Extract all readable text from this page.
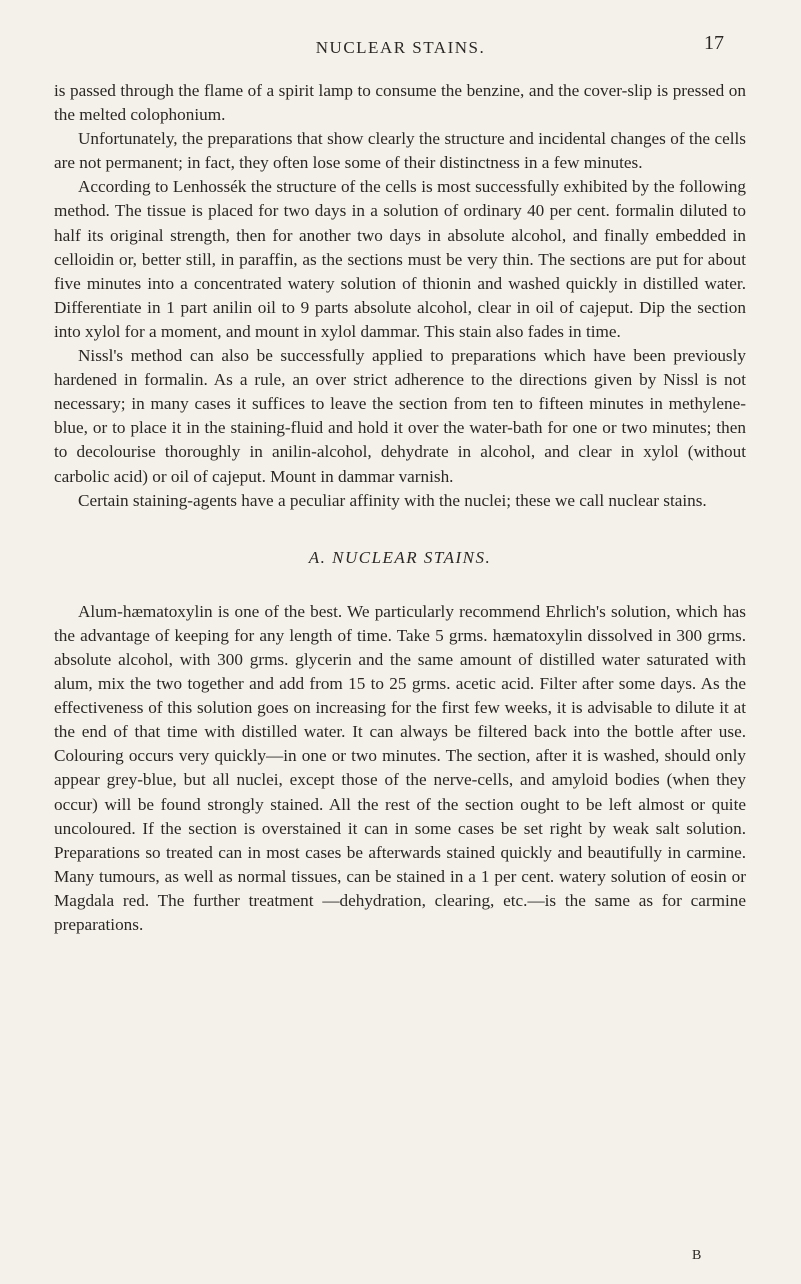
NUCLEAR STAINS.	17

is passed through the flame of a spirit lamp to consume the benzine, and the cover-slip is pressed on the melted colophonium.

Unfortunately, the preparations that show clearly the structure and incidental changes of the cells are not permanent; in fact, they often lose some of their distinctness in a few minutes.

According to Lenhossék the structure of the cells is most successfully exhibited by the following method. The tissue is placed for two days in a solution of ordinary 40 per cent. formalin diluted to half its original strength, then for another two days in absolute alcohol, and finally embedded in celloidin or, better still, in paraffin, as the sections must be very thin. The sections are put for about five minutes into a concentrated watery solution of thionin and washed quickly in distilled water. Differentiate in 1 part anilin oil to 9 parts absolute alcohol, clear in oil of cajeput. Dip the section into xylol for a moment, and mount in xylol dammar. This stain also fades in time.

Nissl's method can also be successfully applied to preparations which have been previously hardened in formalin. As a rule, an over strict adherence to the directions given by Nissl is not necessary; in many cases it suffices to leave the section from ten to fifteen minutes in methylene-blue, or to place it in the staining-fluid and hold it over the water-bath for one or two minutes; then to decolourise thoroughly in anilin-alcohol, dehydrate in alcohol, and clear in xylol (without carbolic acid) or oil of cajeput. Mount in dammar varnish.

Certain staining-agents have a peculiar affinity with the nuclei; these we call nuclear stains.

A. NUCLEAR STAINS.

Alum-hæmatoxylin is one of the best. We particularly recommend Ehrlich's solution, which has the advantage of keeping for any length of time. Take 5 grms. hæmatoxylin dissolved in 300 grms. absolute alcohol, with 300 grms. glycerin and the same amount of distilled water saturated with alum, mix the two together and add from 15 to 25 grms. acetic acid. Filter after some days. As the effectiveness of this solution goes on increasing for the first few weeks, it is advisable to dilute it at the end of that time with distilled water. It can always be filtered back into the bottle after use. Colouring occurs very quickly—in one or two minutes. The section, after it is washed, should only appear grey-blue, but all nuclei, except those of the nerve-cells, and amyloid bodies (when they occur) will be found strongly stained. All the rest of the section ought to be left almost or quite uncoloured. If the section is overstained it can in some cases be set right by weak salt solution. Preparations so treated can in most cases be afterwards stained quickly and beautifully in carmine. Many tumours, as well as normal tissues, can be stained in a 1 per cent. watery solution of eosin or Magdala red. The further treatment —dehydration, clearing, etc.—is the same as for carmine preparations.

B
